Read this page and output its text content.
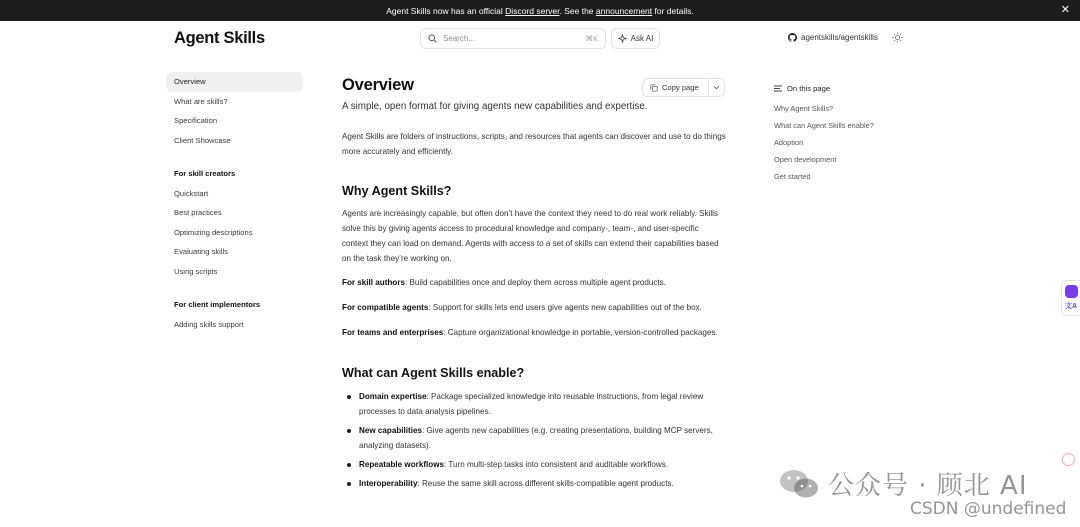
Agent Skills now has an official Discord server. See the announcement for details.	✕
Agent Skills	Search...	⌘K	Ask AI	agentskills/agentskills
Overview
What are skills?
Specification
Client Showcase
For skill creators
Quickstart
Best practices
Optimizing descriptions
Evaluating skills
Using scripts
For client implementors
Adding skills support
Copy page
Overview

A simple, open format for giving agents new capabilities and expertise.

Agent Skills are folders of instructions, scripts, and resources that agents can discover and use to do things more accurately and efficiently.

Why Agent Skills?

Agents are increasingly capable, but often don’t have the context they need to do real work reliably. Skills solve this by giving agents access to procedural knowledge and company-, team-, and user-specific context they can load on demand. Agents with access to a set of skills can extend their capabilities based on the task they’re working on.

For skill authors: Build capabilities once and deploy them across multiple agent products.

For compatible agents: Support for skills lets end users give agents new capabilities out of the box.

For teams and enterprises: Capture organizational knowledge in portable, version-controlled packages.

What can Agent Skills enable?
Domain expertise: Package specialized knowledge into reusable instructions, from legal review processes to data analysis pipelines.
New capabilities: Give agents new capabilities (e.g. creating presentations, building MCP servers, analyzing datasets).
Repeatable workflows: Turn multi-step tasks into consistent and auditable workflows.
Interoperability: Reuse the same skill across different skills-compatible agent products.
On this page
Why Agent Skills?
What can Agent Skills enable?
Adoption
Open development
Get started
文A
公众号 · 顾北 AI
CSDN @undefined
